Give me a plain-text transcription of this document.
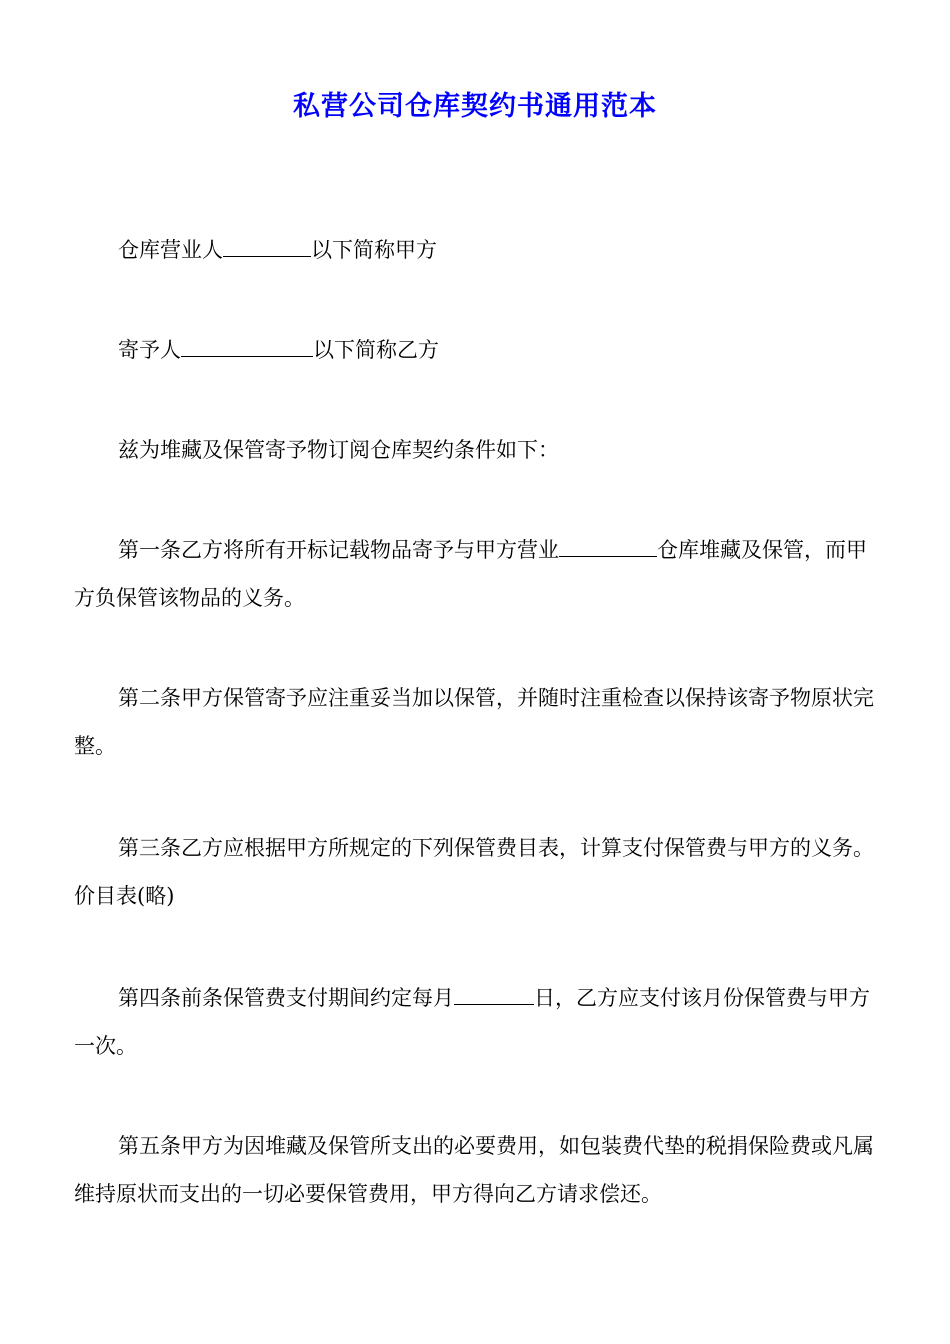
私营公司仓库契约书通用范本

仓库营业人	以下简称甲方

寄予人	以下简称乙方

兹为堆藏及保管寄予物订阅仓库契约条件如下：

第一条乙方将所有开标记载物品寄予与甲方营业	仓库堆藏及保管，而甲方负保管该物品的义务。

第二条甲方保管寄予应注重妥当加以保管，并随时注重检查以保持该寄予物原状完整。

第三条乙方应根据甲方所规定的下列保管费目表，计算支付保管费与甲方的义务。价目表(略)

第四条前条保管费支付期间约定每月	日，乙方应支付该月份保管费与甲方一次。

第五条甲方为因堆藏及保管所支出的必要费用，如包装费代垫的税捐保险费或凡属维持原状而支出的一切必要保管费用，甲方得向乙方请求偿还。
